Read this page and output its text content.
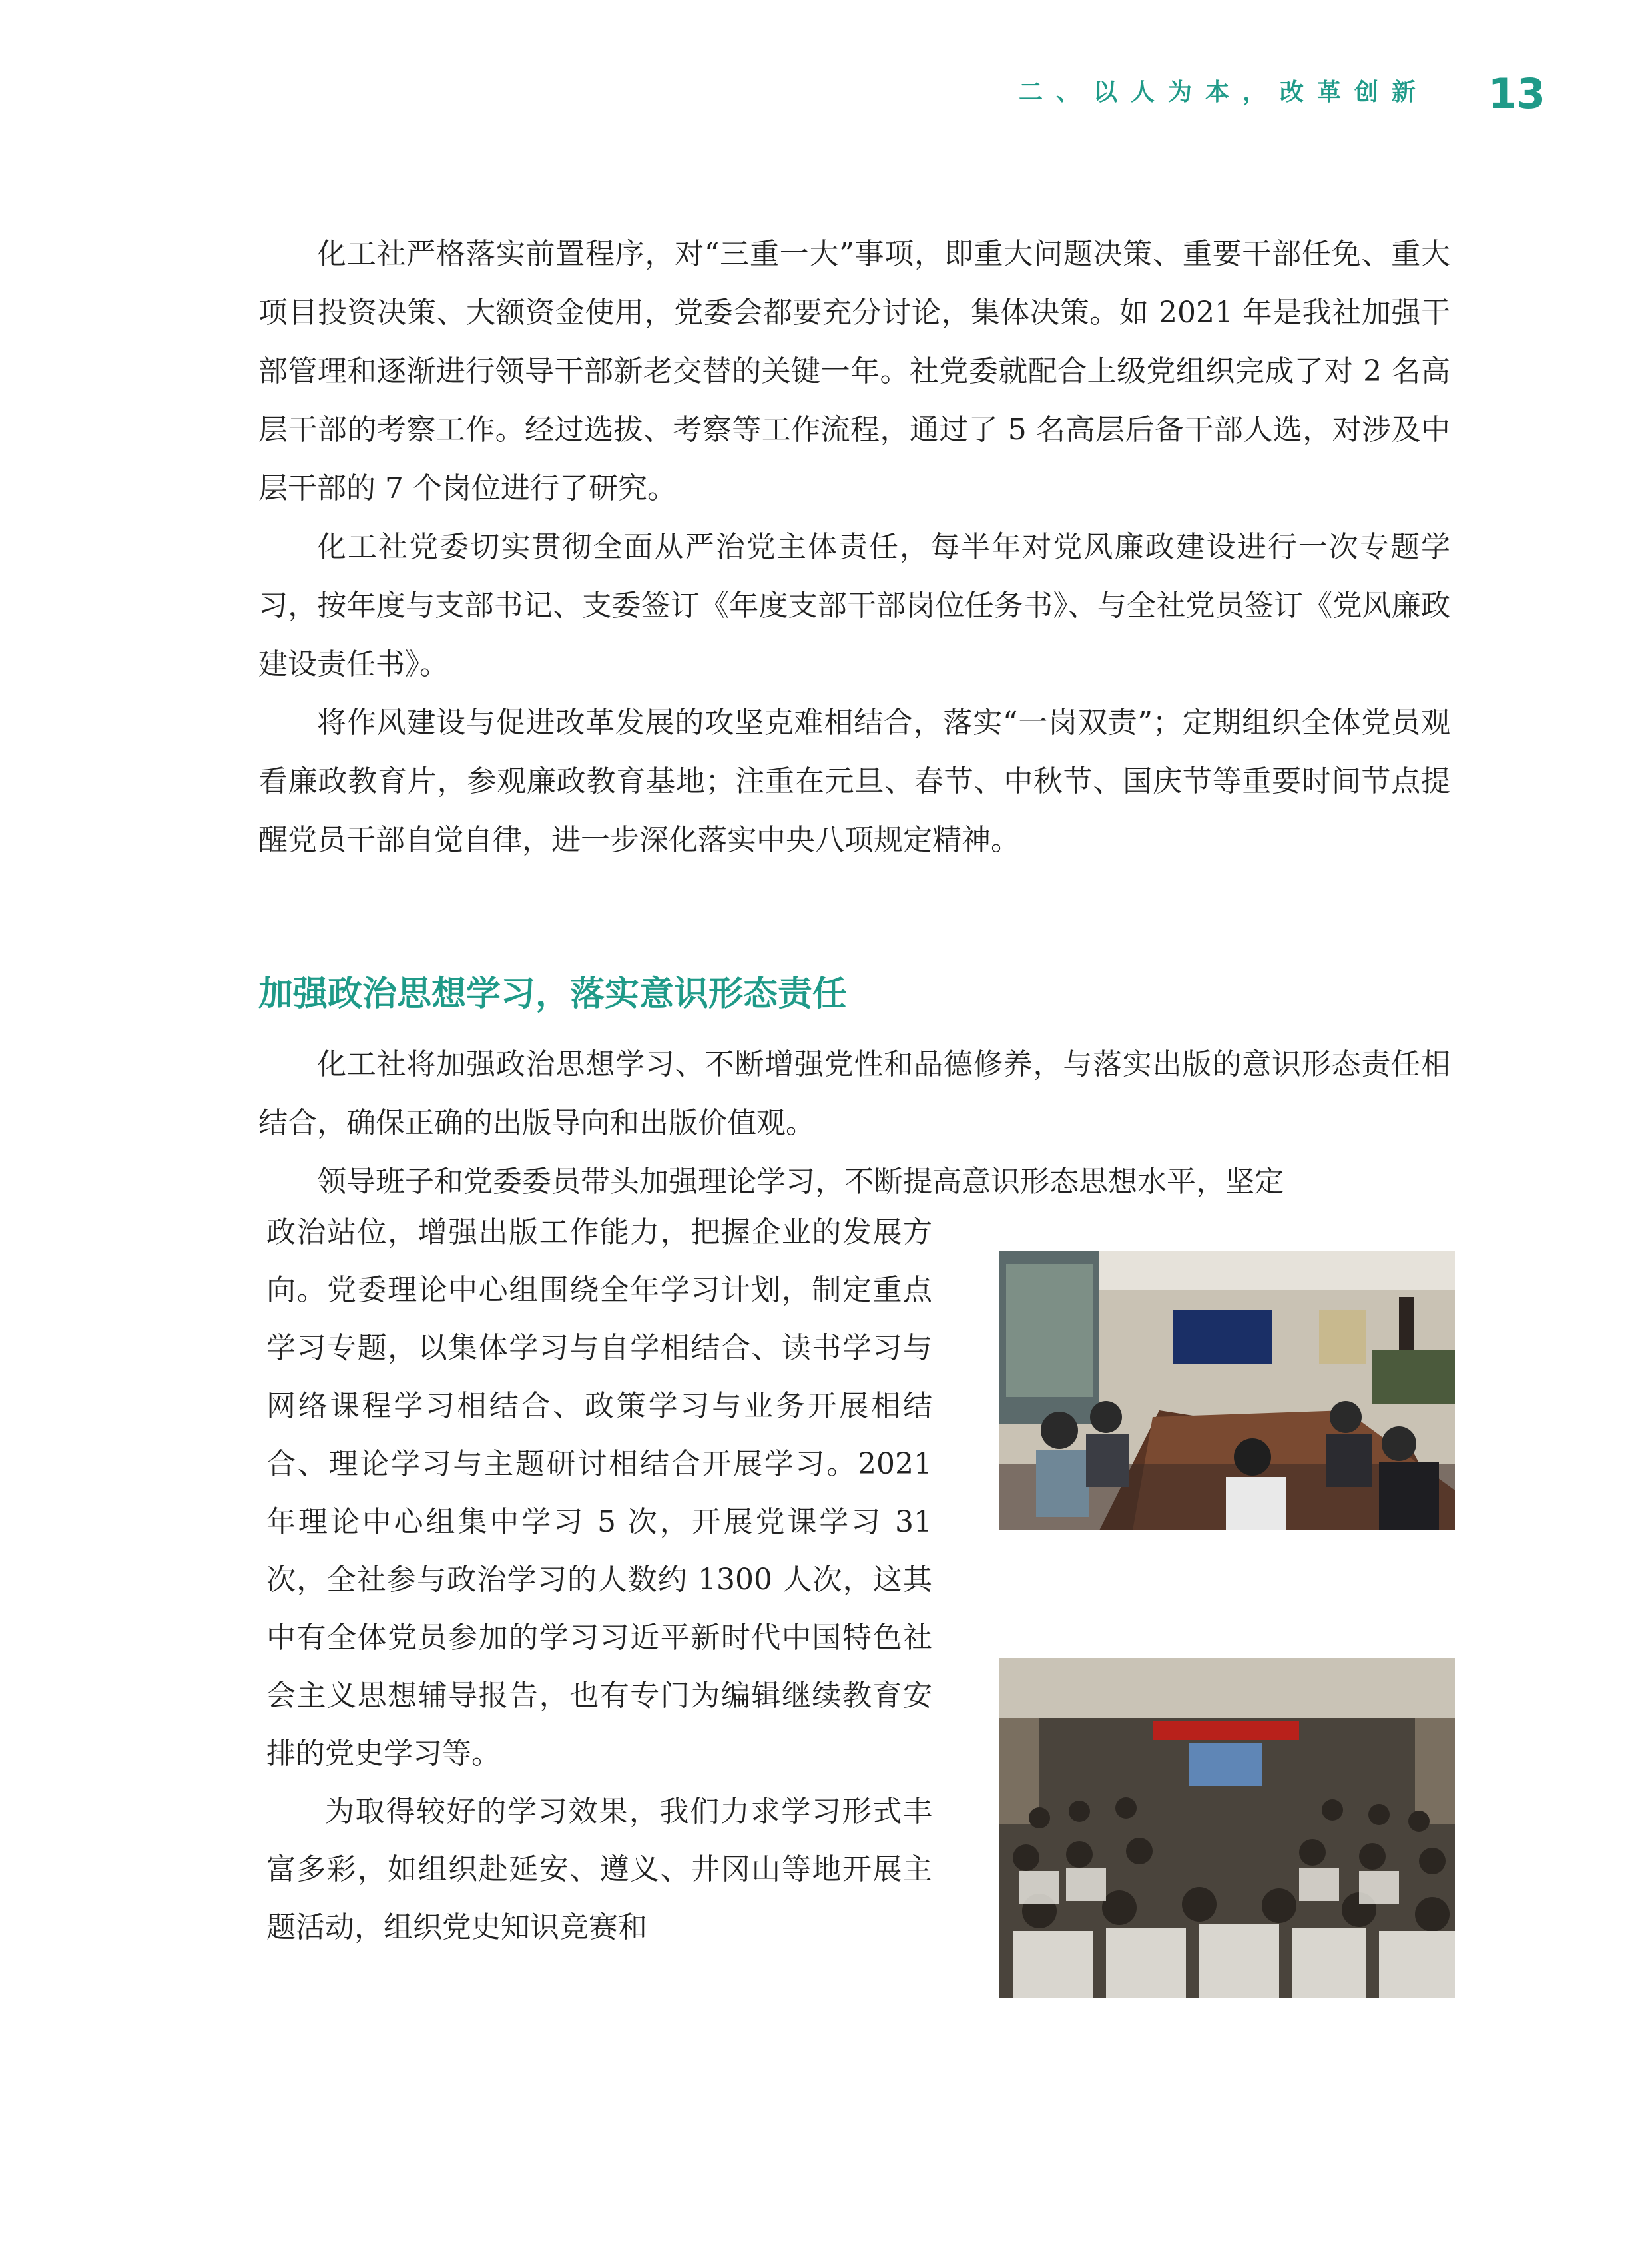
二、以人为本，改革创新 13

化工社严格落实前置程序，对“三重一大”事项，即重大问题决策、重要干部任免、重大项目投资决策、大额资金使用，党委会都要充分讨论，集体决策。如 2021 年是我社加强干部管理和逐渐进行领导干部新老交替的关键一年。社党委就配合上级党组织完成了对 2 名高层干部的考察工作。经过选拔、考察等工作流程，通过了 5 名高层后备干部人选，对涉及中层干部的 7 个岗位进行了研究。

化工社党委切实贯彻全面从严治党主体责任，每半年对党风廉政建设进行一次专题学习，按年度与支部书记、支委签订《年度支部干部岗位任务书》、与全社党员签订《党风廉政建设责任书》。

将作风建设与促进改革发展的攻坚克难相结合，落实“一岗双责”；定期组织全体党员观看廉政教育片，参观廉政教育基地；注重在元旦、春节、中秋节、国庆节等重要时间节点提醒党员干部自觉自律，进一步深化落实中央八项规定精神。

加强政治思想学习，落实意识形态责任

化工社将加强政治思想学习、不断增强党性和品德修养，与落实出版的意识形态责任相结合，确保正确的出版导向和出版价值观。

领导班子和党委委员带头加强理论学习，不断提高意识形态思想水平，坚定

政治站位，增强出版工作能力，把握企业的发展方向。党委理论中心组围绕全年学习计划，制定重点学习专题，以集体学习与自学相结合、读书学习与网络课程学习相结合、政策学习与业务开展相结合、理论学习与主题研讨相结合开展学习。2021 年理论中心组集中学习 5 次，开展党课学习 31 次，全社参与政治学习的人数约 1300 人次，这其中有全体党员参加的学习习近平新时代中国特色社会主义思想辅导报告，也有专门为编辑继续教育安排的党史学习等。

为取得较好的学习效果，我们力求学习形式丰富多彩，如组织赴延安、遵义、井冈山等地开展主题活动，组织党史知识竞赛和
